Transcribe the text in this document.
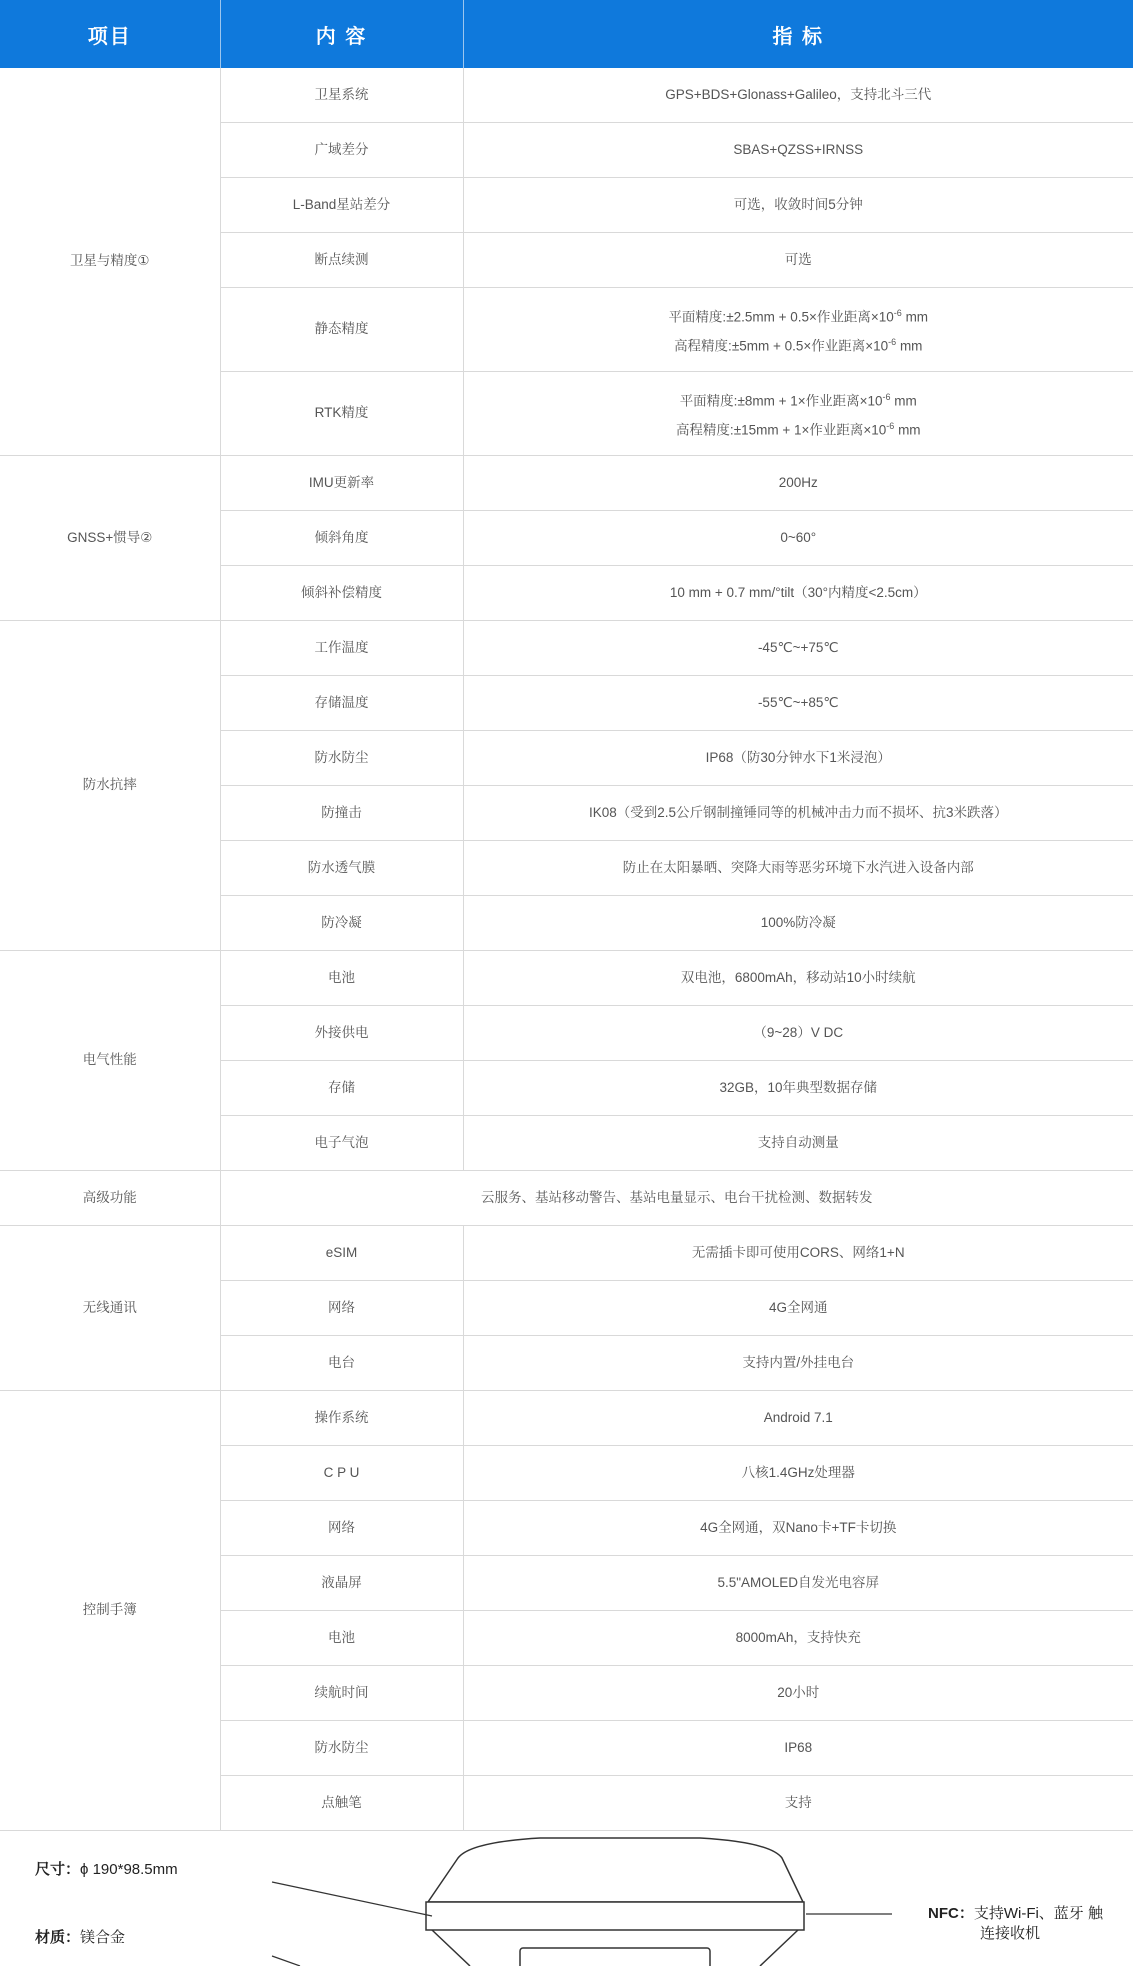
项目	内 容	指 标
卫星与精度①	卫星系统	GPS+BDS+Glonass+Galileo，支持北斗三代
	广域差分	SBAS+QZSS+IRNSS
	L-Band星站差分	可选，收敛时间5分钟
	断点续测	可选
	静态精度	平面精度:±2.5mm + 0.5×作业距离$\times 10^{-6}$ mm
高程精度:±5mm + 0.5×作业距离$\times 10^{-6}$ mm

	RTK精度	平面精度:±8mm + 1×作业距离$\times 10^{-6}$ mm
高程精度:±15mm + 1×作业距离$\times 10^{-6}$ mm

GNSS+惯导②	IMU更新率	200Hz
	倾斜角度	0~60°
	倾斜补偿精度	10 mm + 0.7 mm/°tilt（30°内精度<2.5cm）
防水抗摔	工作温度	-45℃~+75℃
	存储温度	-55℃~+85℃
	防水防尘	IP68（防30分钟水下1米浸泡）
	防撞击	IK08（受到2.5公斤钢制撞锤同等的机械冲击力而不损坏、抗3米跌落）
	防水透气膜	防止在太阳暴晒、突降大雨等恶劣环境下水汽进入设备内部
	防冷凝	100%防冷凝
电气性能	电池	双电池，6800mAh，移动站10小时续航
	外接供电	（9~28）V DC
	存储	32GB，10年典型数据存储
	电子气泡	支持自动测量
高级功能	云服务、基站移动警告、基站电量显示、电台干扰检测、数据转发	
无线通讯	eSIM	无需插卡即可使用CORS、网络1+N
	网络	4G全网通
	电台	支持内置/外挂电台
控制手簿	操作系统	Android 7.1
	C P U	八核1.4GHz处理器
	网络	4G全网通，双Nano卡+TF卡切换
	液晶屏	5.5"AMOLED自发光电容屏
	电池	8000mAh，支持快充
	续航时间	20小时
	防水防尘	IP68
	点触笔	支持
尺寸：ϕ 190*98.5mm
材质：镁合金
NFC：支持Wi-Fi、蓝牙 触
连接收机
